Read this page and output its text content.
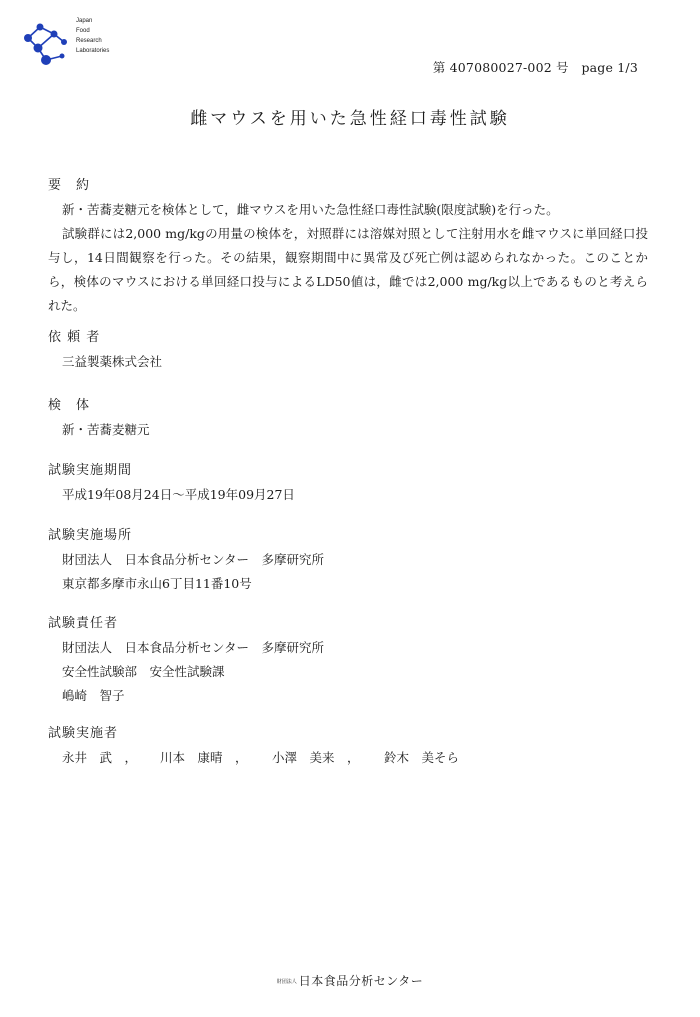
Japan
Food
Research
Laboratories
第 407080027-002 号　page 1/3
雌マウスを用いた急性経口毒性試験
要　約
新・苦蕎麦糖元を検体として，雌マウスを用いた急性経口毒性試験(限度試験)を行った。
試験群には2,000 mg/kgの用量の検体を，対照群には溶媒対照として注射用水を雌マウスに単回経口投与し，14日間観察を行った。その結果，観察期間中に異常及び死亡例は認められなかった。このことから，検体のマウスにおける単回経口投与によるLD50値は，雌では2,000 mg/kg以上であるものと考えられた。
依 頼 者
三益製薬株式会社
検　体
新・苦蕎麦糖元
試験実施期間
平成19年08月24日～平成19年09月27日
試験実施場所
財団法人　日本食品分析センター　多摩研究所
東京都多摩市永山6丁目11番10号
試験責任者
財団法人　日本食品分析センター　多摩研究所
安全性試験部　安全性試験課
嶋崎　智子
試験実施者
永井　武　， 川本　康晴　， 小澤　美来　， 鈴木　美そら
財団法人 日本食品分析センター
